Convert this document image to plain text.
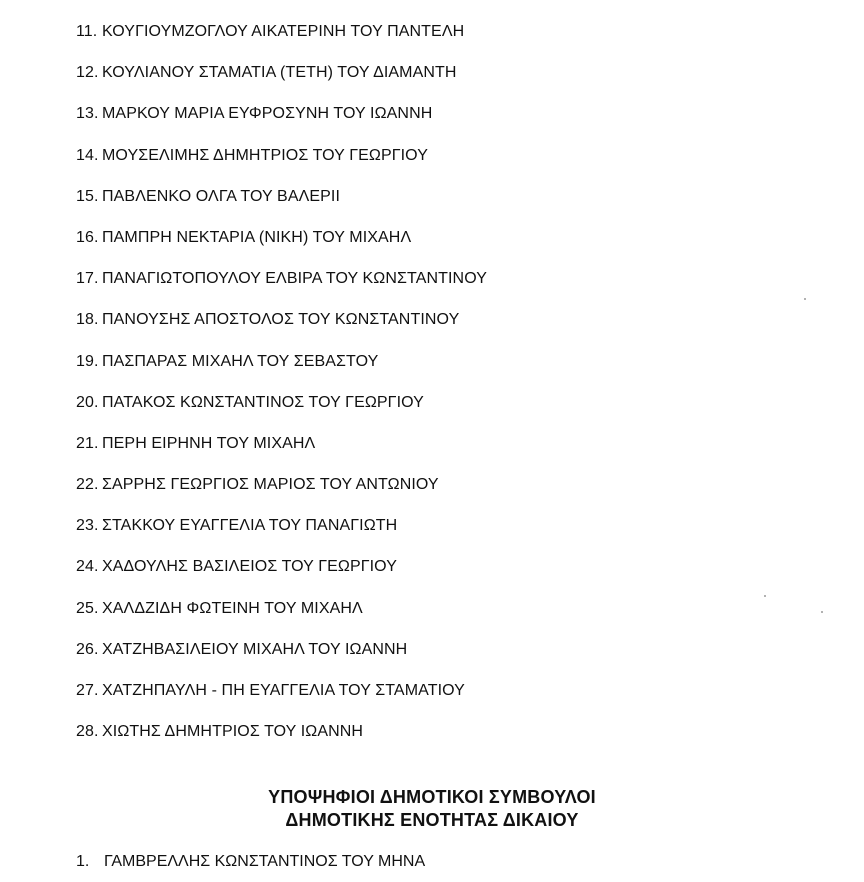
11. ΚΟΥΓΙΟΥΜΖΟΓΛΟΥ ΑΙΚΑΤΕΡΙΝΗ ΤΟΥ ΠΑΝΤΕΛΗ
12. ΚΟΥΛΙΑΝΟΥ ΣΤΑΜΑΤΙΑ (ΤΕΤΗ) ΤΟΥ ΔΙΑΜΑΝΤΗ
13. ΜΑΡΚΟΥ ΜΑΡΙΑ ΕΥΦΡΟΣΥΝΗ ΤΟΥ ΙΩΑΝΝΗ
14. ΜΟΥΣΕΛΙΜΗΣ ΔΗΜΗΤΡΙΟΣ ΤΟΥ ΓΕΩΡΓΙΟΥ
15. ΠΑΒΛΕΝΚΟ ΟΛΓΑ ΤΟΥ ΒΑΛΕΡΙΙ
16. ΠΑΜΠΡΗ ΝΕΚΤΑΡΙΑ (ΝΙΚΗ) ΤΟΥ ΜΙΧΑΗΛ
17. ΠΑΝΑΓΙΩΤΟΠΟΥΛΟΥ ΕΛΒΙΡΑ ΤΟΥ ΚΩΝΣΤΑΝΤΙΝΟΥ
18. ΠΑΝΟΥΣΗΣ ΑΠΟΣΤΟΛΟΣ ΤΟΥ ΚΩΝΣΤΑΝΤΙΝΟΥ
19. ΠΑΣΠΑΡΑΣ ΜΙΧΑΗΛ ΤΟΥ ΣΕΒΑΣΤΟΥ
20. ΠΑΤΑΚΟΣ ΚΩΝΣΤΑΝΤΙΝΟΣ ΤΟΥ ΓΕΩΡΓΙΟΥ
21. ΠΕΡΗ ΕΙΡΗΝΗ ΤΟΥ ΜΙΧΑΗΛ
22. ΣΑΡΡΗΣ ΓΕΩΡΓΙΟΣ ΜΑΡΙΟΣ ΤΟΥ ΑΝΤΩΝΙΟΥ
23. ΣΤΑΚΚΟΥ ΕΥΑΓΓΕΛΙΑ ΤΟΥ ΠΑΝΑΓΙΩΤΗ
24. ΧΑΔΟΥΛΗΣ ΒΑΣΙΛΕΙΟΣ ΤΟΥ ΓΕΩΡΓΙΟΥ
25. ΧΑΛΔΖΙΔΗ ΦΩΤΕΙΝΗ ΤΟΥ ΜΙΧΑΗΛ
26. ΧΑΤΖΗΒΑΣΙΛΕΙΟΥ ΜΙΧΑΗΛ ΤΟΥ ΙΩΑΝΝΗ
27. ΧΑΤΖΗΠΑΥΛΗ - ΠΗ ΕΥΑΓΓΕΛΙΑ ΤΟΥ ΣΤΑΜΑΤΙΟΥ
28. ΧΙΩΤΗΣ ΔΗΜΗΤΡΙΟΣ ΤΟΥ ΙΩΑΝΝΗ
ΥΠΟΨΗΦΙΟΙ ΔΗΜΟΤΙΚΟΙ ΣΥΜΒΟΥΛΟΙ
ΔΗΜΟΤΙΚΗΣ ΕΝΟΤΗΤΑΣ ΔΙΚΑΙΟΥ
1. ΓΑΜΒΡΕΛΛΗΣ ΚΩΝΣΤΑΝΤΙΝΟΣ ΤΟΥ ΜΗΝΑ
